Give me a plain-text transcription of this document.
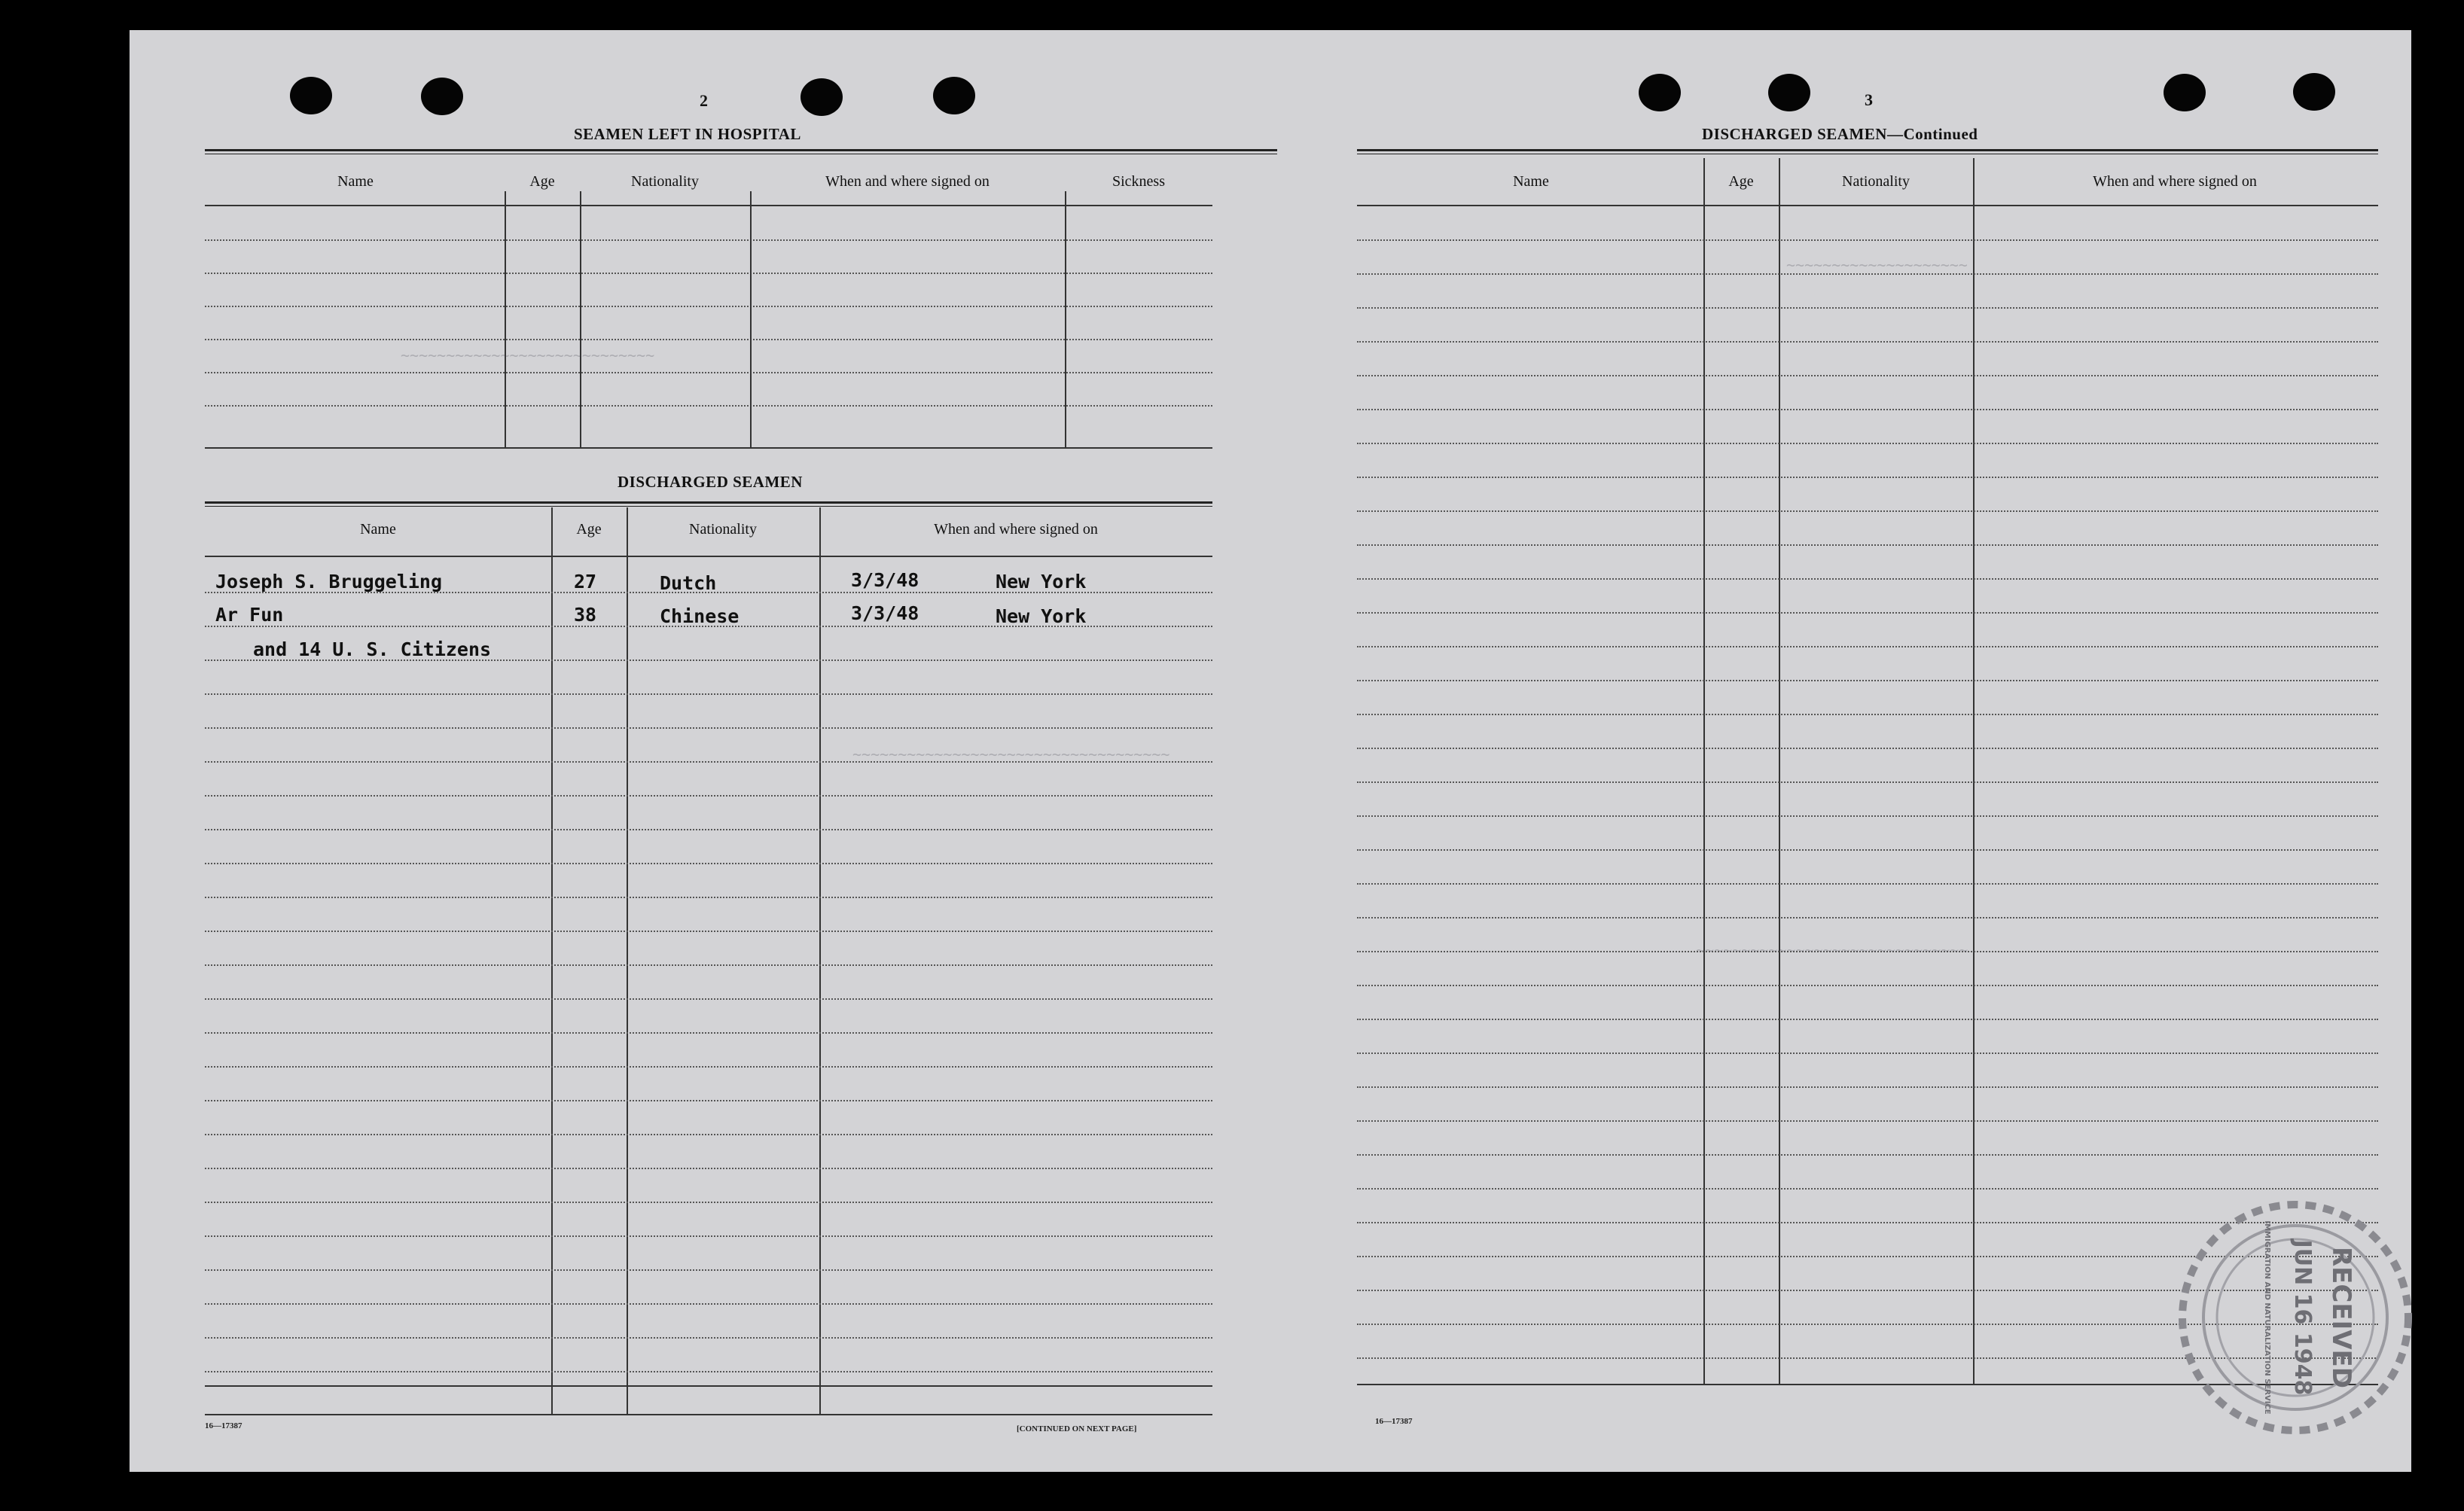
2
SEAMEN LEFT IN HOSPITAL
Name	Age	Nationality	When and where signed on	Sickness
DISCHARGED SEAMEN
Name	Age	Nationality	When and where signed on
Joseph S. Bruggeling	27	Dutch	3/3/48	New York
Ar Fun	38	Chinese	3/3/48	New York
and 14 U. S. Citizens
16—17387	[CONTINUED ON NEXT PAGE]
3
DISCHARGED SEAMEN—Continued
Name	Age	Nationality	When and where signed on
16—17387
~~~~~~~~~~~~~~~~~~~~
~~~~~~~~~~~~~~~~~~~~~~~~~~~~
~~~~~~~~~~~~~~~~~~~~~~~~~~~~~~~~~~~
~~~~~~~~~~~~~~~~~~~~~~~~~~~~~~
RECEIVED
JUN 16 1948
IMMIGRATION AND NATURALIZATION SERVICE
